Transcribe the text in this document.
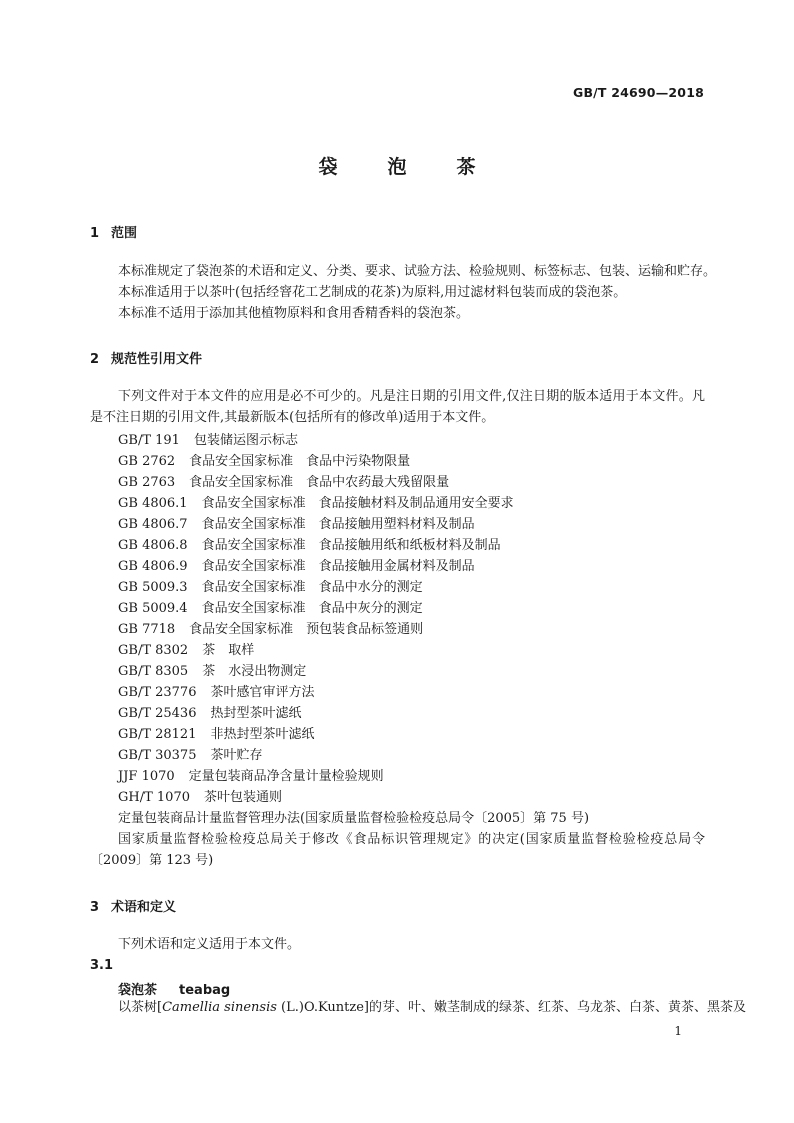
GB/T 24690—2018
袋	泡	茶
1 范围
本标准规定了袋泡茶的术语和定义、分类、要求、试验方法、检验规则、标签标志、包装、运输和贮存。
本标准适用于以茶叶(包括经窨花工艺制成的花茶)为原料,用过滤材料包装而成的袋泡茶。
本标准不适用于添加其他植物原料和食用香精香料的袋泡茶。
2 规范性引用文件
下列文件对于本文件的应用是必不可少的。凡是注日期的引用文件,仅注日期的版本适用于本文件。凡是不注日期的引用文件,其最新版本(包括所有的修改单)适用于本文件。
GB/T 191 包装储运图示标志
GB 2762 食品安全国家标准　食品中污染物限量
GB 2763 食品安全国家标准　食品中农药最大残留限量
GB 4806.1 食品安全国家标准　食品接触材料及制品通用安全要求
GB 4806.7 食品安全国家标准　食品接触用塑料材料及制品
GB 4806.8 食品安全国家标准　食品接触用纸和纸板材料及制品
GB 4806.9 食品安全国家标准　食品接触用金属材料及制品
GB 5009.3 食品安全国家标准　食品中水分的测定
GB 5009.4 食品安全国家标准　食品中灰分的测定
GB 7718 食品安全国家标准　预包装食品标签通则
GB/T 8302 茶　取样
GB/T 8305 茶　水浸出物测定
GB/T 23776 茶叶感官审评方法
GB/T 25436 热封型茶叶滤纸
GB/T 28121 非热封型茶叶滤纸
GB/T 30375 茶叶贮存
JJF 1070 定量包装商品净含量计量检验规则
GH/T 1070 茶叶包装通则
定量包装商品计量监督管理办法(国家质量监督检验检疫总局令〔2005〕第 75 号)
国家质量监督检验检疫总局关于修改《食品标识管理规定》的决定(国家质量监督检验检疫总局令〔2009〕第 123 号)
3 术语和定义
下列术语和定义适用于本文件。
3.1
袋泡茶 teabag
以茶树[Camellia sinensis (L.)O.Kuntze]的芽、叶、嫩茎制成的绿茶、红茶、乌龙茶、白茶、黄茶、黑茶及
1
